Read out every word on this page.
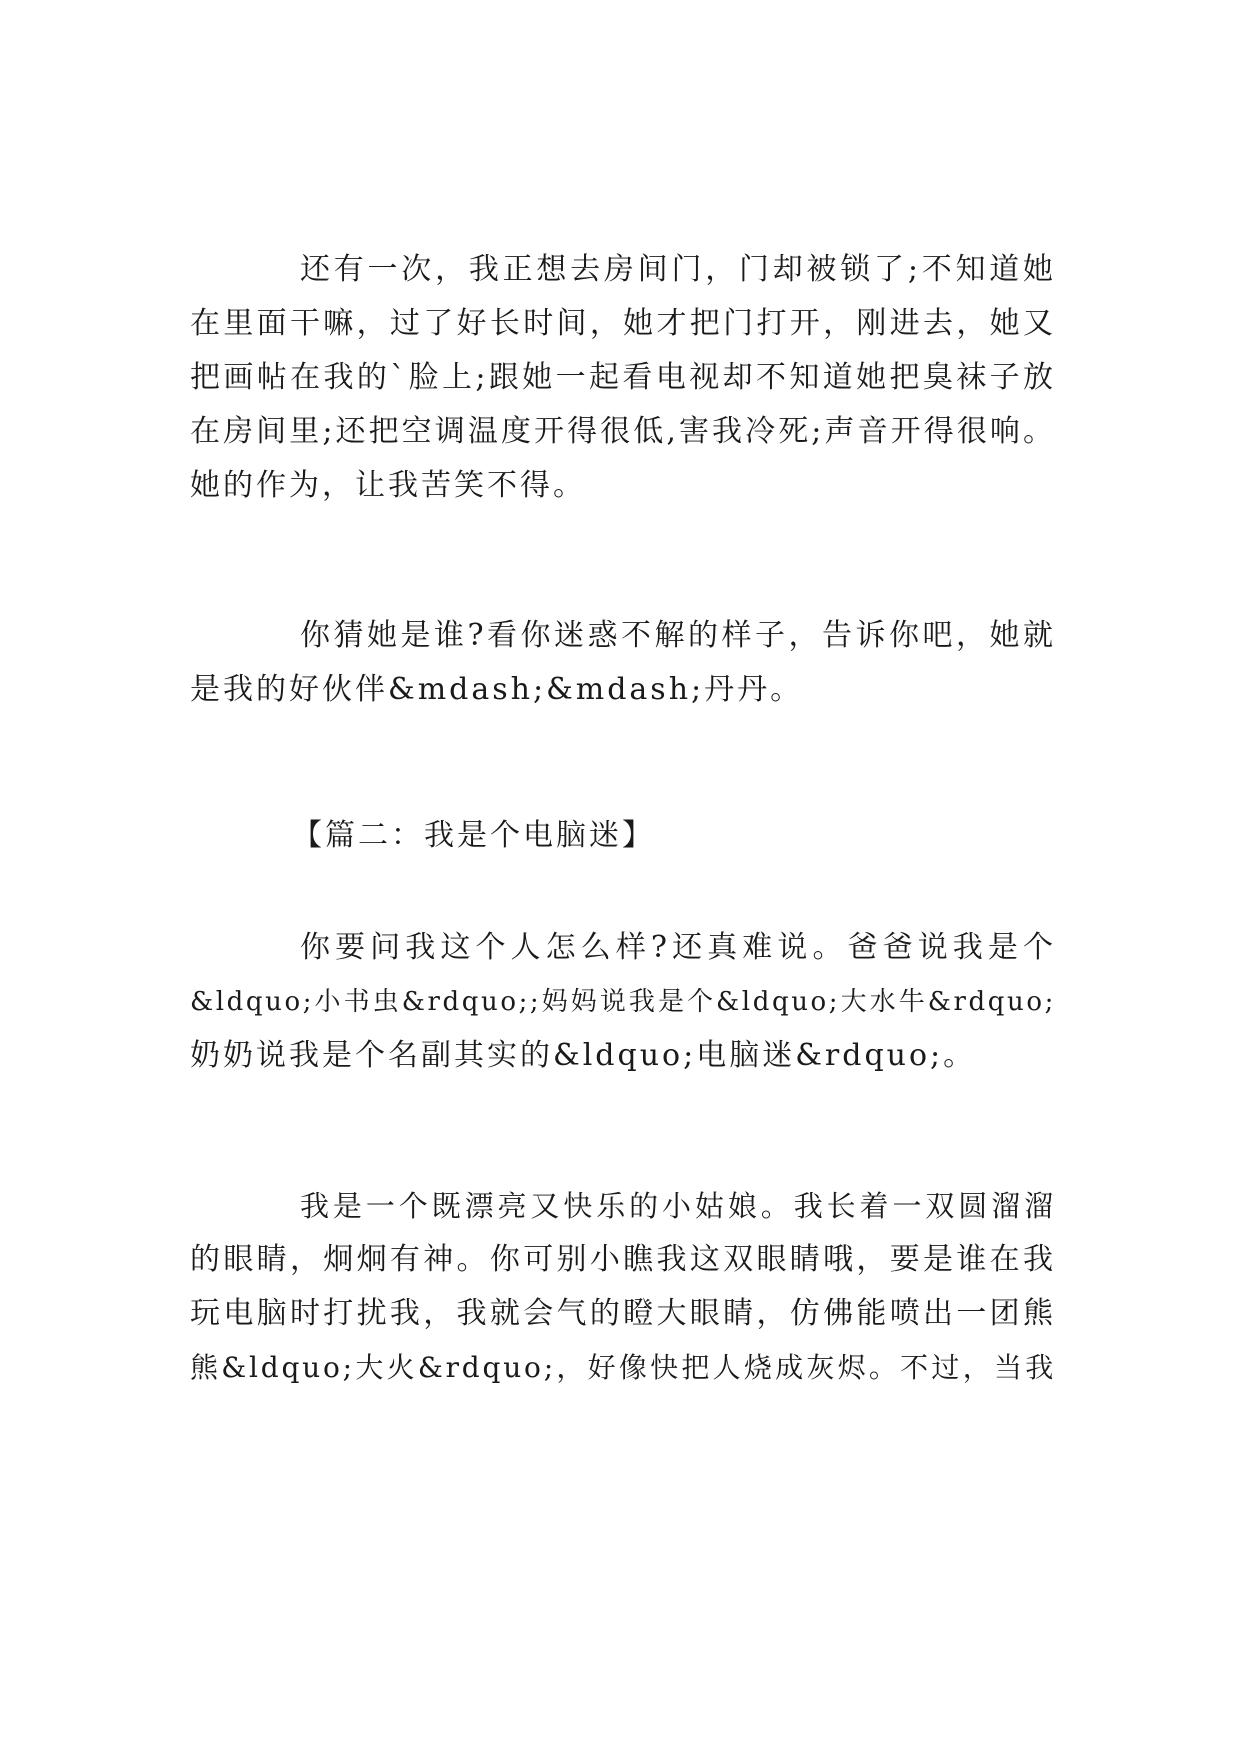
还有一次，我正想去房间门，门却被锁了;不知道她
在里面干嘛，过了好长时间，她才把门打开，刚进去，她又
把画帖在我的`脸上;跟她一起看电视却不知道她把臭袜子放
在房间里;还把空调温度开得很低,害我冷死;声音开得很响。
她的作为，让我苦笑不得。
你猜她是谁?看你迷惑不解的样子，告诉你吧，她就
是我的好伙伴&mdash;&mdash;丹丹。
【篇二：我是个电脑迷】
你要问我这个人怎么样?还真难说。爸爸说我是个
&ldquo;小书虫&rdquo;;妈妈说我是个&ldquo;大水牛&rdquo;
奶奶说我是个名副其实的&ldquo;电脑迷&rdquo;。
我是一个既漂亮又快乐的小姑娘。我长着一双圆溜溜
的眼睛，炯炯有神。你可别小瞧我这双眼睛哦，要是谁在我
玩电脑时打扰我，我就会气的瞪大眼睛，仿佛能喷出一团熊
熊&ldquo;大火&rdquo;，好像快把人烧成灰烬。不过，当我
